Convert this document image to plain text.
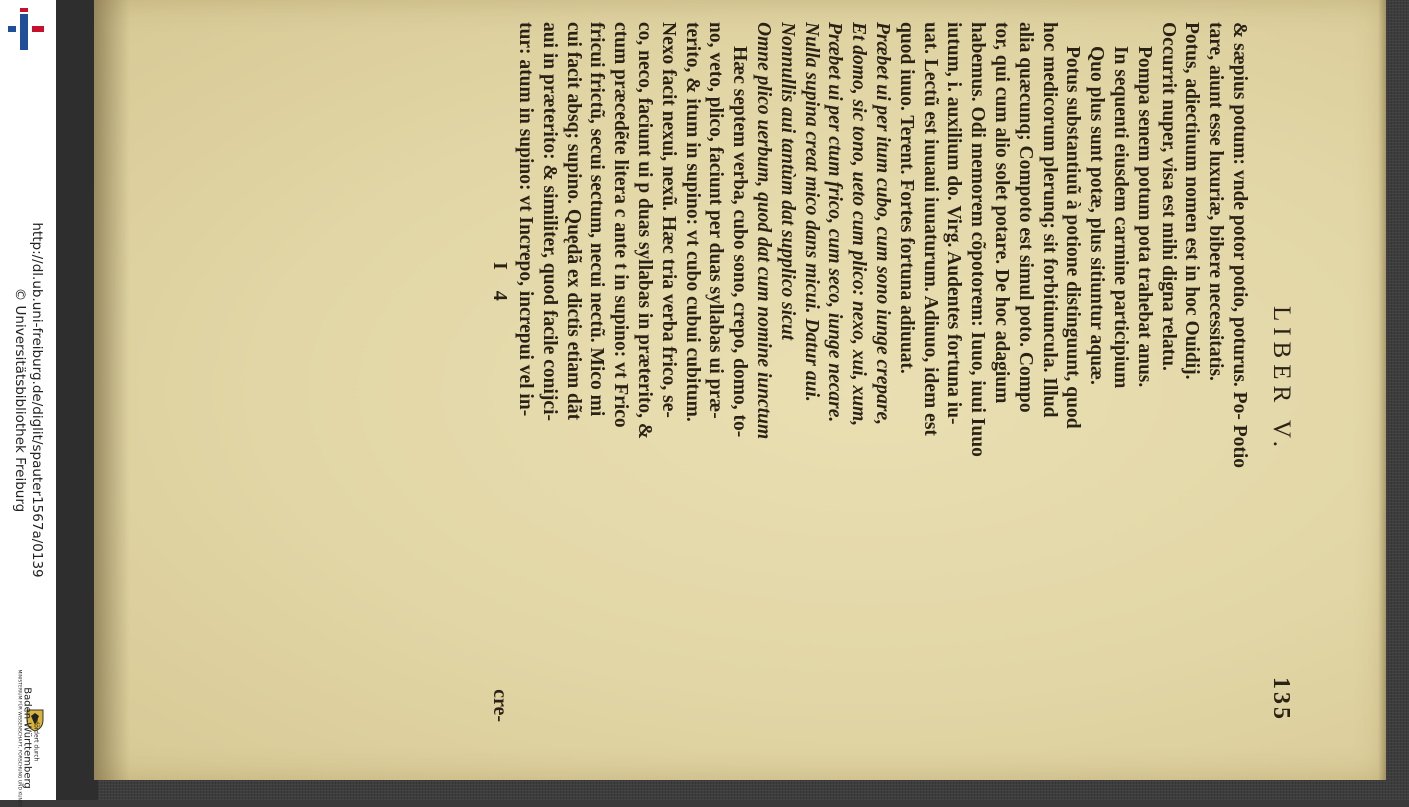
http://dl.ub.uni-freiburg.de/diglit/spauter1567a/0139
© Universitätsbibliothek Freiburg
gefördert durch
Baden-Württemberg
MINISTERIUM FÜR WISSENSCHAFT, FORSCHUNG UND KUNST
LIBER V.
135
& sæpius potum: vnde potor potio, poturus. Po- Potio
tare, aiunt esse luxuriæ, bibere necessitatis.
Potus, adiectiuum nomen est in hoc Ouidij.
Occurrit nuper, visa est mihi digna relatu.
Pompa senem potum pota trahebat anus.
In sequenti eiusdem carmine participium
Quo plus sunt potæ, plus sitiuntur aquæ.
Potus substantiuũ à potione distinguunt, quod
hoc medicorum plerunq; sit forbitiuncula. Illud
alia quæcunq; Compoto est simul poto. Compo
tor, qui cum alio solet potare. De hoc adagium
habemus. Odi memorem cõpotorem: Iuuo, iuui Iuuo
iutum, i. auxilium do. Virg. Audentes fortuna iu-
uat. Lectũ est iuuaui iuuaturum. Adiuuo, idem est
quod iuuo. Terent. Fortes fortuna adiuuat.
Præbet ui per itum cubo, cum sono iunge crepare,
Et domo, sic tono, ueto cum plico: nexo, xui, xum,
Præbet ui per ctum frico, cum seco, iunge necare.
Nulla supina creat mico dans micui. Datur aui.
Nonnullis aui tantùm dat supplico sicut
Omne plico uerbum, quod dat cum nomine iunctum
Hæc septem verba, cubo sono, crepo, domo, to-
no, veto, plico, faciunt per duas syllabas ui præ-
terito, & itum in supino: vt cubo cubui cubitum.
Nexo facit nexui, nexũ. Hæc tria verba frico, se-
co, neco, faciunt ui p duas syllabas in præterito, &
ctum præcedẽte litera c ante t in supino: vt Frico
fricui frictũ, secui sectum, necui nectũ. Mico mi
cui facit absq; supino. Quędã ex dictis etiam dãt
aui in præterito: & similiter, quod facile conijci-
tur: atum in supino: vt Increpo, increpui vel in-
I 4
cre-
